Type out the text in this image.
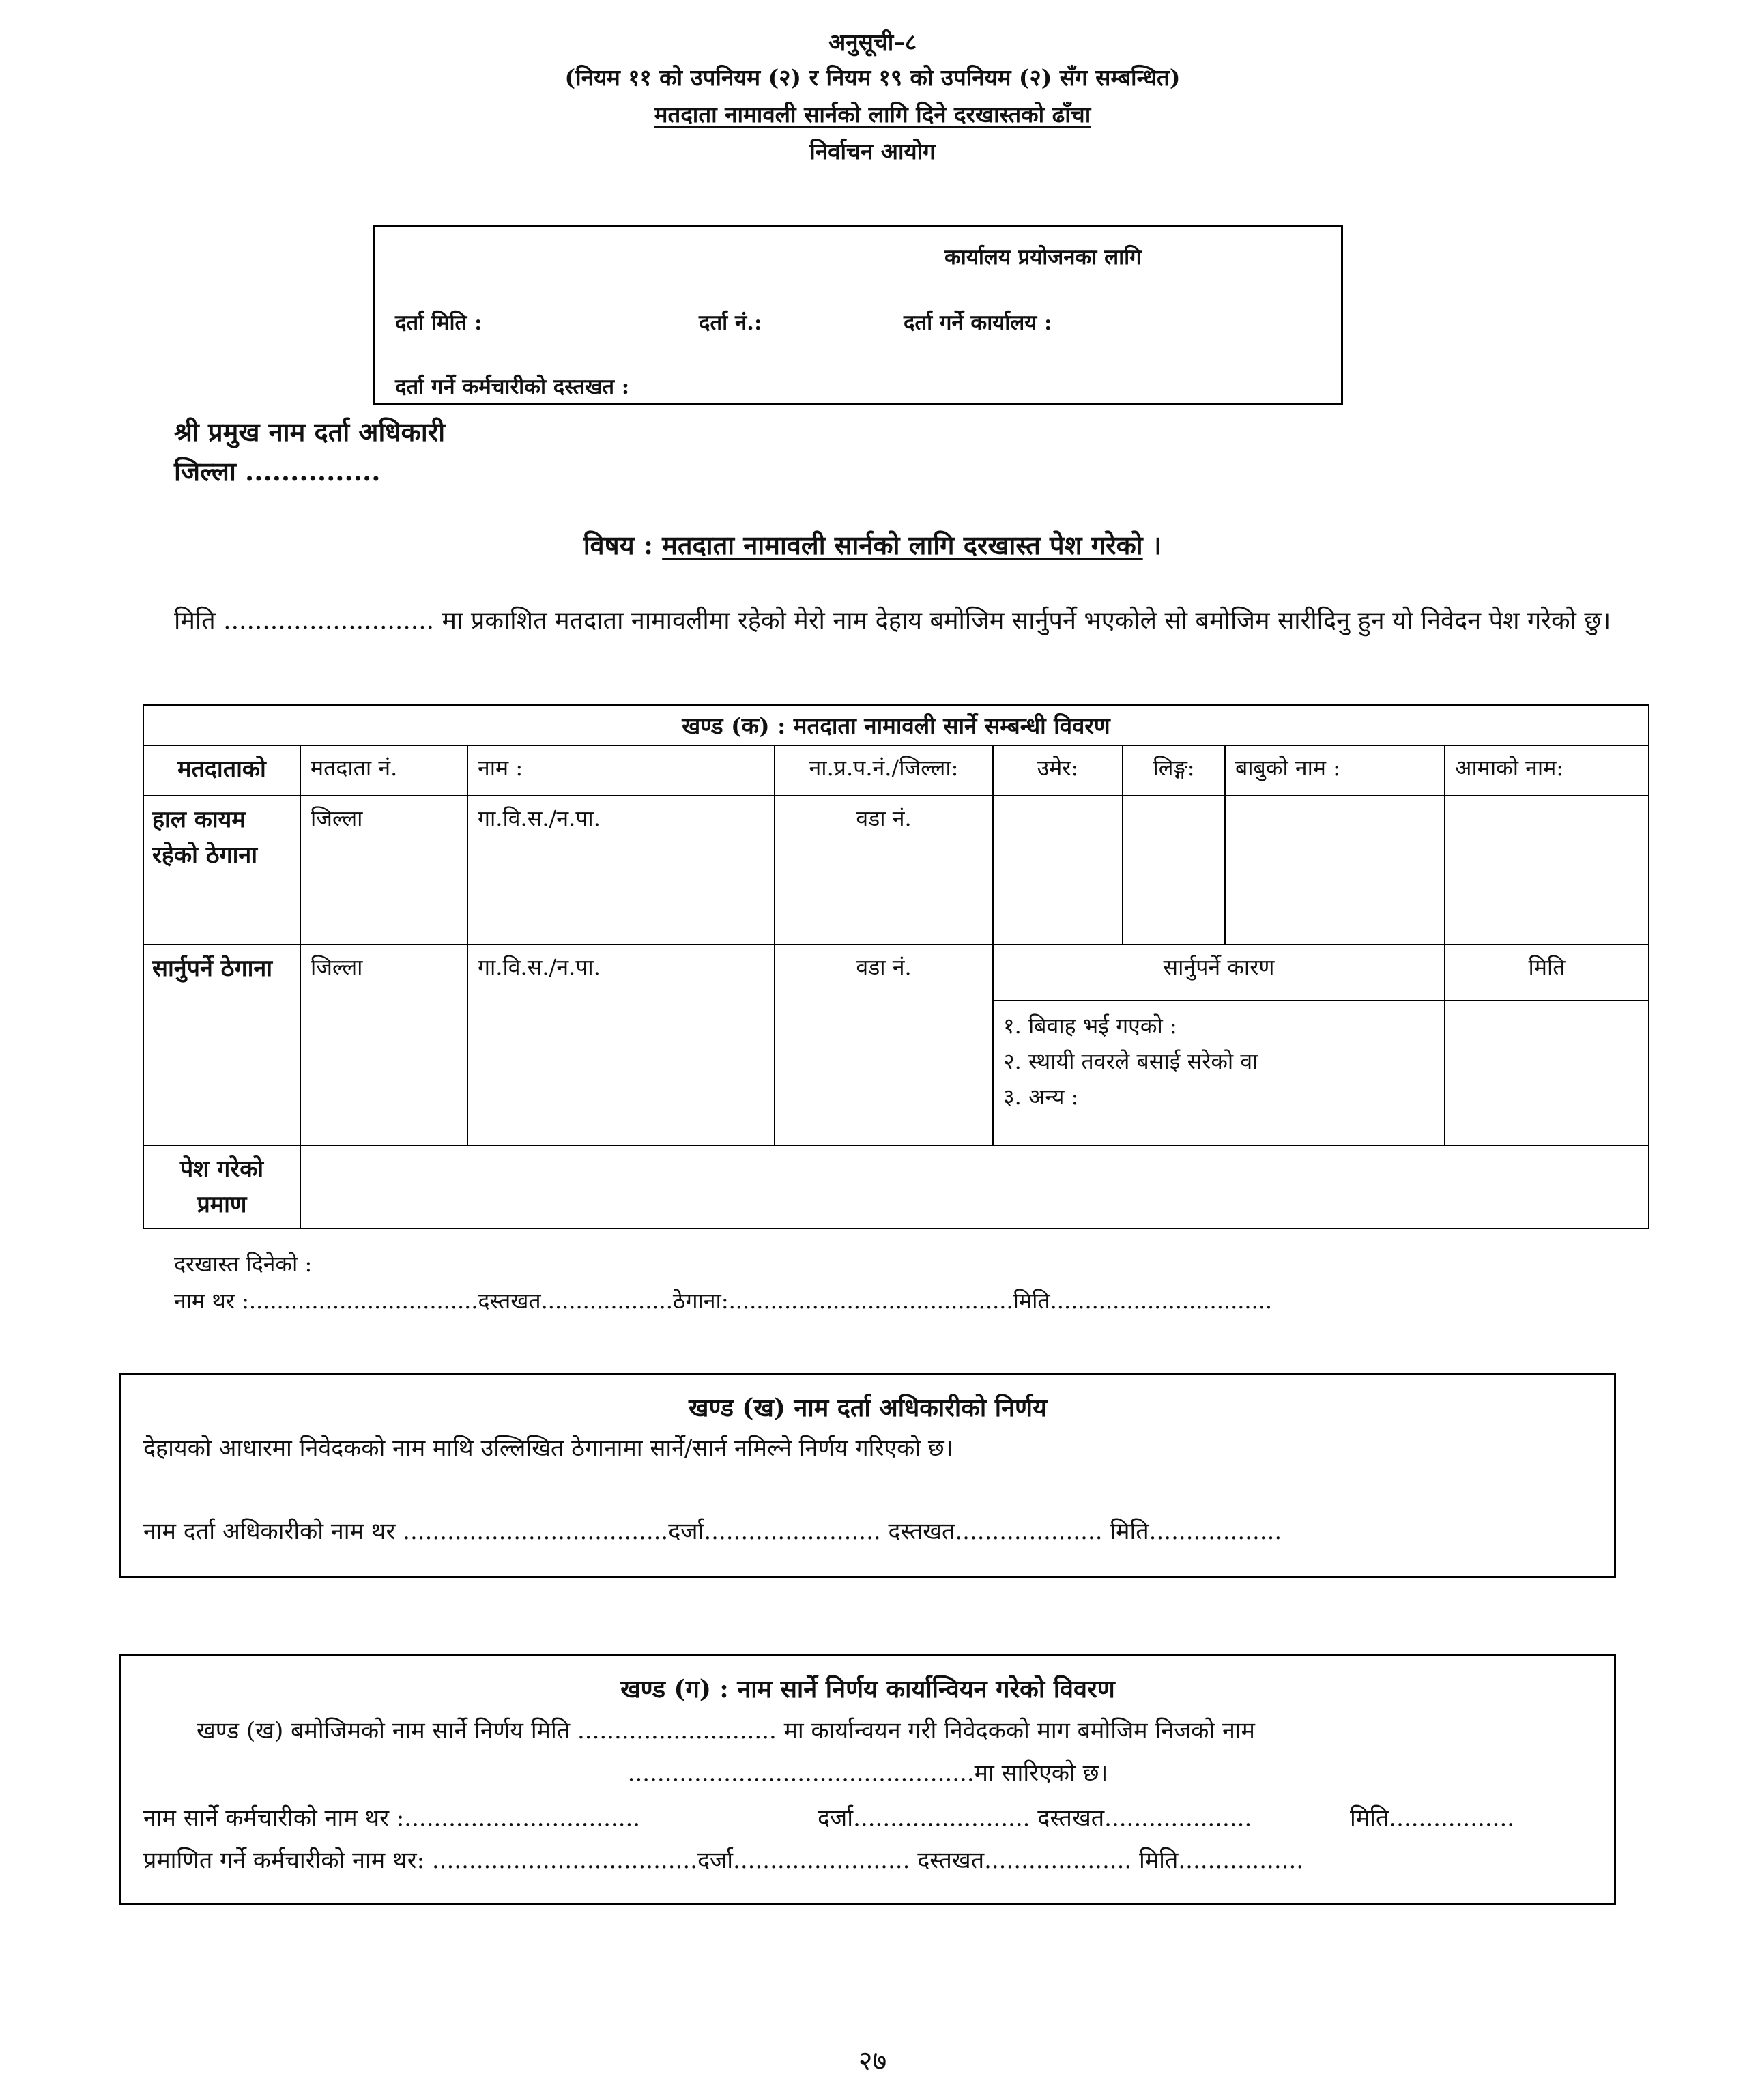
अनुसूची–८
(नियम ११ को उपनियम (२) र नियम १९ को उपनियम (२) सँग सम्बन्धित)
मतदाता नामावली सार्नको लागि दिने दरखास्तको ढाँचा
निर्वाचन आयोग
कार्यालय प्रयोजनका लागि
दर्ता मिति :	दर्ता नं.:	दर्ता गर्ने कार्यालय :
दर्ता गर्ने कर्मचारीको दस्तखत :
श्री प्रमुख नाम दर्ता अधिकारी
जिल्ला ...............
विषय : मतदाता नामावली सार्नको लागि दरखास्त पेश गरेको ।
मिति ........................... मा प्रकाशित मतदाता नामावलीमा रहेको मेरो नाम देहाय बमोजिम सार्नुपर्ने भएकोले सो बमोजिम सारीदिनु हुन यो निवेदन पेश गरेको छु।
खण्ड (क) : मतदाता नामावली सार्ने सम्बन्धी विवरण							

मतदाताको	मतदाता नं.	नाम :	ना.प्र.प.नं./जिल्ला:	उमेर:	लिङ्ग:	बाबुको नाम :	आमाको नाम:
हाल कायम रहेको ठेगाना	जिल्ला	गा.वि.स./न.पा.	वडा नं.				
सार्नुपर्ने ठेगाना	जिल्ला	गा.वि.स./न.पा.	वडा नं.	सार्नुपर्ने कारण			मिति

				१. बिवाह भई गएको :
२. स्थायी तवरले बसाई सरेको वा
३. अन्य :			

पेश गरेको प्रमाण							
दरखास्त दिनेको :
नाम थर :.................................दस्तखत...................ठेगाना:.........................................मिति................................
खण्ड (ख) नाम दर्ता अधिकारीको निर्णय
देहायको आधारमा निवेदकको नाम माथि उल्लिखित ठेगानामा सार्ने/सार्न नमिल्ने निर्णय गरिएको छ।
नाम दर्ता अधिकारीको नाम थर ....................................दर्जा........................ दस्तखत.................... मिति..................
खण्ड (ग) : नाम सार्ने निर्णय कार्यान्वियन गरेको विवरण
खण्ड (ख) बमोजिमको नाम सार्ने निर्णय मिति ........................... मा कार्यान्वयन गरी निवेदकको माग बमोजिम निजको नाम
...............................................मा सारिएको छ।
नाम सार्ने कर्मचारीको नाम थर :................................	दर्जा........................ दस्तखत....................	मिति.................
प्रमाणित गर्ने कर्मचारीको नाम थर: ....................................दर्जा........................ दस्तखत.................... मिति.................
२७
